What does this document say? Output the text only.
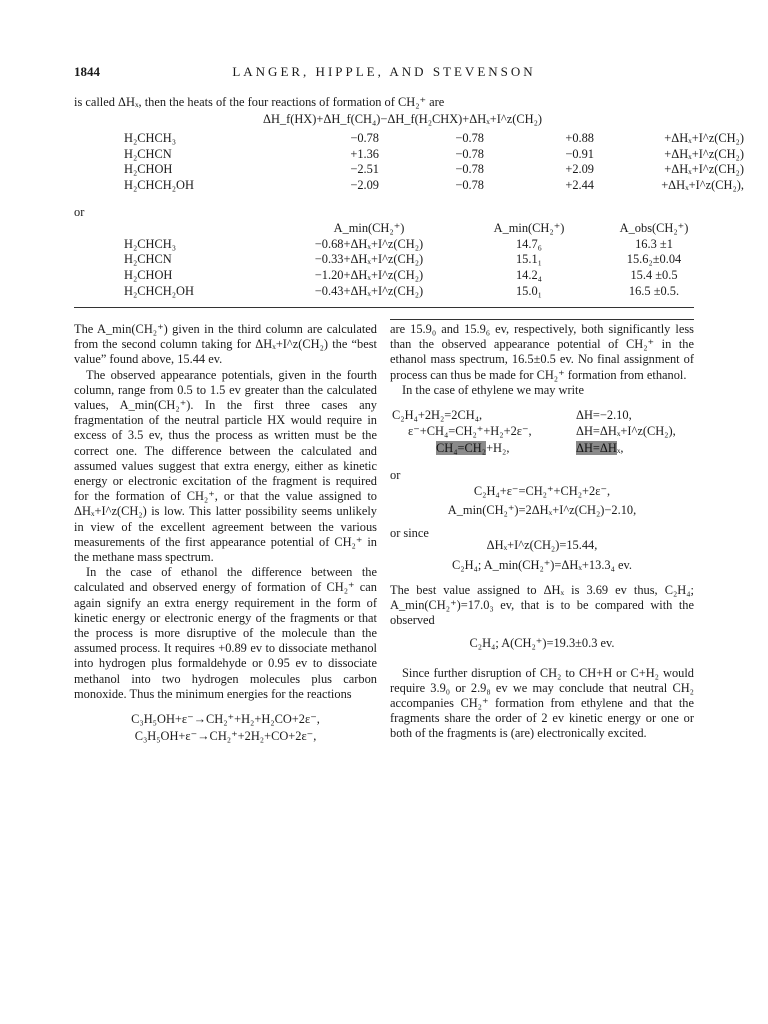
1844	LANGER, HIPPLE, AND STEVENSON
is called ΔHₓ, then the heats of the four reactions of formation of CH₂⁺ are
ΔH_f(HX)+ΔH_f(CH₄)−ΔH_f(H₂CHX)+ΔHₓ+I^z(CH₂)
H₂CHCH₃	−0.78	−0.78	+0.88	+ΔHₓ+I^z(CH₂)
H₂CHCN	+1.36	−0.78	−0.91	+ΔHₓ+I^z(CH₂)
H₂CHOH	−2.51	−0.78	+2.09	+ΔHₓ+I^z(CH₂)
H₂CHCH₂OH	−2.09	−0.78	+2.44	+ΔHₓ+I^z(CH₂),
or
	A_min(CH₂⁺)	A_min(CH₂⁺)	A_obs(CH₂⁺)
H₂CHCH₃	−0.68+ΔHₓ+I^z(CH₂)	14.7₆	16.3 ±1
H₂CHCN	−0.33+ΔHₓ+I^z(CH₂)	15.1₁	15.6₂±0.04
H₂CHOH	−1.20+ΔHₓ+I^z(CH₂)	14.2₄	15.4 ±0.5
H₂CHCH₂OH	−0.43+ΔHₓ+I^z(CH₂)	15.0₁	16.5 ±0.5.

The A_min(CH₂⁺) given in the third column are calculated from the second column taking for ΔHₓ+I^z(CH₂) the “best value” found above, 15.44 ev.

The observed appearance potentials, given in the fourth column, range from 0.5 to 1.5 ev greater than the calculated values, A_min(CH₂⁺). In the first three cases any fragmentation of the neutral particle HX would require in excess of 3.5 ev, thus the process as written must be the correct one. The difference between the calculated and assumed values suggest that extra energy, either as kinetic energy or electronic excitation of the fragment is required for the formation of CH₂⁺, or that the value assigned to ΔHₓ+I^z(CH₂) is low. This latter possibility seems unlikely in view of the excellent agreement between the various measurements of the first appearance potential of CH₂⁺ in the methane mass spectrum.

In the case of ethanol the difference between the calculated and observed energy of formation of CH₂⁺ can again signify an extra energy requirement in the form of kinetic energy or electronic energy of the fragments or that the process is more disruptive of the molecule than the assumed process. It requires +0.89 ev to dissociate methanol into hydrogen plus formaldehyde or 0.95 ev to dissociate methanol into two hydrogen molecules plus carbon monoxide. Thus the minimum energies for the reactions

C₃H₅OH+ε⁻→CH₂⁺+H₂+H₂CO+2ε⁻,
C₃H₅OH+ε⁻→CH₂⁺+2H₂+CO+2ε⁻,

are 15.9₀ and 15.9₆ ev, respectively, both significantly less than the observed appearance potential of CH₂⁺ in the ethanol mass spectrum, 16.5±0.5 ev. No final assignment of process can thus be made for CH₂⁺ formation from ethanol.

In the case of ethylene we may write

C₂H₄+2H₂=2CH₄,	ΔH=−2.10,
ε⁻+CH₄=CH₂⁺+H₂+2ε⁻,	ΔH=ΔHₓ+I^z(CH₂),
CH₄=CH₂+H₂,	ΔH=ΔHₓ,
or
C₂H₄+ε⁻=CH₂⁺+CH₂+2ε⁻,
A_min(CH₂⁺)=2ΔHₓ+I^z(CH₂)−2.10,
or since
ΔHₓ+I^z(CH₂)=15.44,
C₂H₄; A_min(CH₂⁺)=ΔHₓ+13.3₄ ev.

The best value assigned to ΔHₓ is 3.69 ev thus, C₂H₄; A_min(CH₂⁺)=17.0₃ ev, that is to be compared with the observed

C₂H₄; A(CH₂⁺)=19.3±0.3 ev.

Since further disruption of CH₂ to CH+H or C+H₂ would require 3.9₀ or 2.9₈ ev we may conclude that neutral CH₂ accompanies CH₂⁺ formation from ethylene and that the fragments share the order of 2 ev kinetic energy or one or both of the fragments is (are) electronically excited.
